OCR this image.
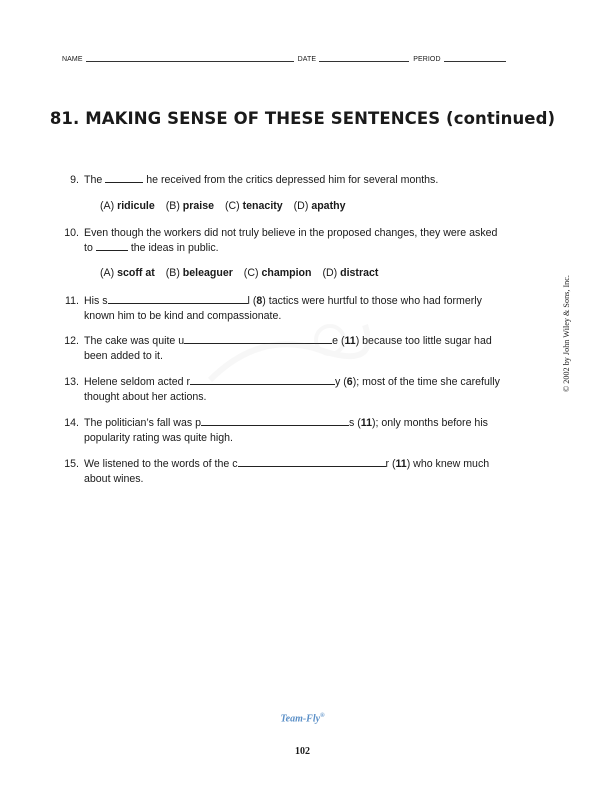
NAME	DATE	PERIOD
81. MAKING SENSE OF THESE SENTENCES (continued)
9. The	he received from the critics depressed him for several months.
(A) ridicule (B) praise (C) tenacity (D) apathy
10. Even though the workers did not truly believe in the proposed changes, they were asked
to	the ideas in public.
(A) scoff at (B) beleaguer (C) champion (D) distract
11. His s	l (8) tactics were hurtful to those who had formerly
known him to be kind and compassionate.
12. The cake was quite u	e (11) because too little sugar had
been added to it.
13. Helene seldom acted r	y (6); most of the time she carefully
thought about her actions.
14. The politician’s fall was p	s (11); only months before his
popularity rating was quite high.
15. We listened to the words of the c	r (11) who knew much
about wines.
© 2002 by John Wiley & Sons, Inc.
Team-Fly®
102
